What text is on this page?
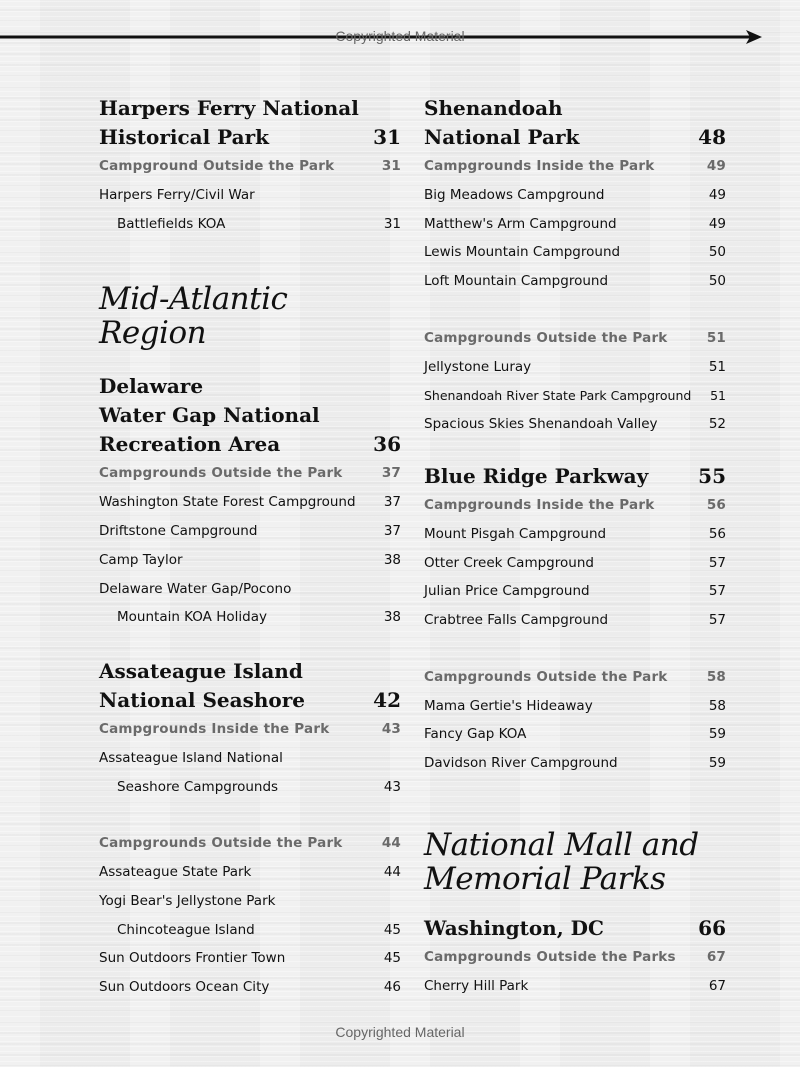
Copyrighted Material
Harpers Ferry National
Historical Park	31
Campground Outside the Park	31
Harpers Ferry/Civil War
Battlefields KOA	31
Mid-Atlantic Region
Delaware
Water Gap National
Recreation Area	36
Campgrounds Outside the Park	37
Washington State Forest Campground 37
Driftstone Campground	37
Camp Taylor	38
Delaware Water Gap/Pocono
Mountain KOA Holiday	38
Assateague Island
National Seashore	42
Campgrounds Inside the Park	43
Assateague Island National
Seashore Campgrounds	43
Campgrounds Outside the Park	44
Assateague State Park	44
Yogi Bear's Jellystone Park
Chincoteague Island	45
Sun Outdoors Frontier Town	45
Sun Outdoors Ocean City	46
Shenandoah
National Park	48
Campgrounds Inside the Park	49
Big Meadows Campground	49
Matthew's Arm Campground	49
Lewis Mountain Campground	50
Loft Mountain Campground	50
Campgrounds Outside the Park	51
Jellystone Luray	51
Shenandoah River State Park Campground 51
Spacious Skies Shenandoah Valley	52
Blue Ridge Parkway 55
Campgrounds Inside the Park	56
Mount Pisgah Campground	56
Otter Creek Campground	57
Julian Price Campground	57
Crabtree Falls Campground	57
Campgrounds Outside the Park	58
Mama Gertie's Hideaway	58
Fancy Gap KOA	59
Davidson River Campground	59
National Mall and
Memorial Parks
Washington, DC	66
Campgrounds Outside the Parks 67
Cherry Hill Park	67
Copyrighted Material
